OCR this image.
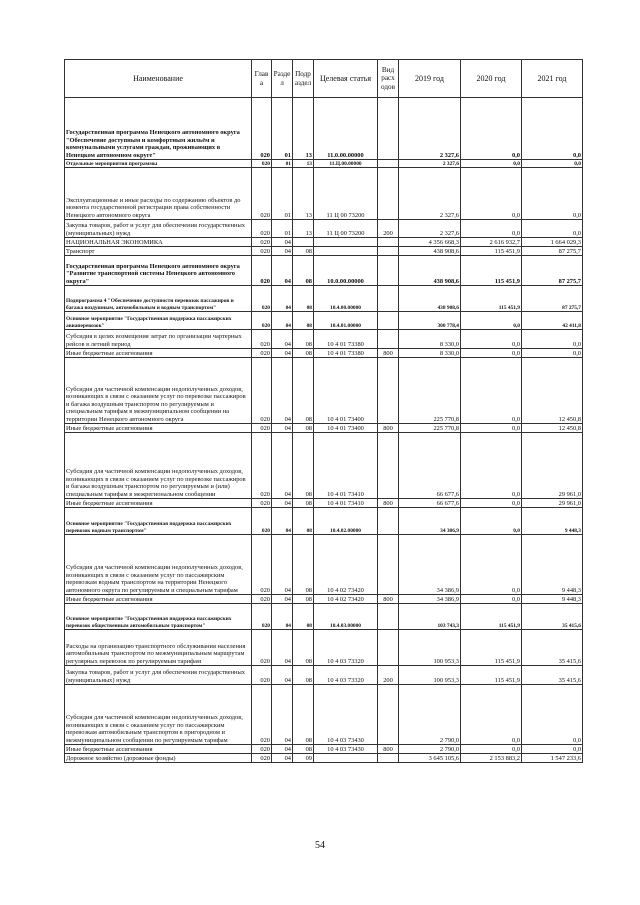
Наименование	Глав а	Разде л	Подр аздел	Целевая статья	Вид расх одов	2019 год	2020 год	2021 год
Государственная программа Ненецкого автономного округа "Обеспечение доступным и комфортным жильём и коммунальными услугами граждан, проживающих в Ненецком автономном округе"	020	01	13	11.0.00.00000		2 327,6	0,0	0,0
Отдельные мероприятия программы	020	01	13	11.Ц.00.00000		2 327,6	0,0	0,0
Эксплуатационные и иные расходы по содержанию объектов до момента государственной регистрации права собственности Ненецкого автономного округа	020	01	13	11 Ц 00 73200		2 327,6	0,0	0,0
Закупка товаров, работ и услуг для обеспечения государственных (муниципальных) нужд	020	01	13	11 Ц 00 73200	200	2 327,6	0,0	0,0
НАЦИОНАЛЬНАЯ ЭКОНОМИКА	020	04				4 356 668,3	2 616 932,7	1 664 029,3
Транспорт	020	04	08			438 908,6	115 451,9	87 275,7
Государственная программа Ненецкого автономного округа "Развитие транспортной системы Ненецкого автономного округа"	020	04	08	10.0.00.00000		438 908,6	115 451,9	87 275,7
Подпрограмма 4 "Обеспечение доступности перевозок пассажиров и багажа воздушным, автомобильным и водным транспортом"	020	04	08	10.4.00.00000		438 908,6	115 451,9	87 275,7
Основное мероприятие "Государственная поддержка пассажирских авиаперевозок"	020	04	08	10.4.01.00000		300 778,4	0,0	42 411,8
Субсидия в целях возмещения затрат по организации чартерных рейсов в летний период	020	04	08	10 4 01 73380		8 330,0	0,0	0,0
Иные бюджетные ассигнования	020	04	08	10 4 01 73380	800	8 330,0	0,0	0,0
Субсидия для частичной компенсации недополученных доходов, возникающих в связи с оказанием услуг по перевозке пассажиров и багажа воздушным транспортом по регулируемым и специальным тарифам в межмуниципальном сообщении на территории Ненецкого автономного округа	020	04	08	10 4 01 73400		225 770,8	0,0	12 450,8
Иные бюджетные ассигнования	020	04	08	10 4 01 73400	800	225 770,8	0,0	12 450,8
Субсидия для частичной компенсации недополученных доходов, возникающих в связи с оказанием услуг по перевозке пассажиров и багажа воздушным транспортом по регулируемым и (или) специальным тарифам в межрегиональном сообщении	020	04	08	10 4 01 73410		66 677,6	0,0	29 961,0
Иные бюджетные ассигнования	020	04	08	10 4 01 73410	800	66 677,6	0,0	29 961,0
Основное мероприятие "Государственная поддержка пассажирских перевозок водным транспортом"	020	04	08	10.4.02.00000		34 386,9	0,0	9 448,3
Субсидия для частичной компенсации недополученных доходов, возникающих в связи с оказанием услуг по пассажирским перевозкам водным транспортом на территории Ненецкого автономного округа по регулируемым и специальным тарифам	020	04	08	10 4 02 73420		34 386,9	0,0	9 448,3
Иные бюджетные ассигнования	020	04	08	10 4 02 73420	800	34 386,9	0,0	9 448,3
Основное мероприятие "Государственная поддержка пассажирских перевозок общественным автомобильным транспортом"	020	04	08	10.4.03.00000		103 743,3	115 451,9	35 415,6
Расходы на организацию транспортного обслуживания населения автомобильным транспортом по межмуниципальным маршрутам регулярных перевозок по регулируемым тарифам	020	04	08	10 4 03 73320		100 953,3	115 451,9	35 415,6
Закупка товаров, работ и услуг для обеспечения государственных (муниципальных) нужд	020	04	08	10 4 03 73320	200	100 953,3	115 451,9	35 415,6
Субсидия для частичной компенсации недополученных доходов, возникающих в связи с оказанием услуг по пассажирским перевозкам автомобильным транспортом в пригородном и межмуниципальном сообщении по регулируемым тарифам	020	04	08	10 4 03 73430		2 790,0	0,0	0,0
Иные бюджетные ассигнования	020	04	08	10 4 03 73430	800	2 790,0	0,0	0,0
Дорожное хозяйство (дорожные фонды)	020	04	09			3 645 105,6	2 153 883,2	1 547 233,6
54
